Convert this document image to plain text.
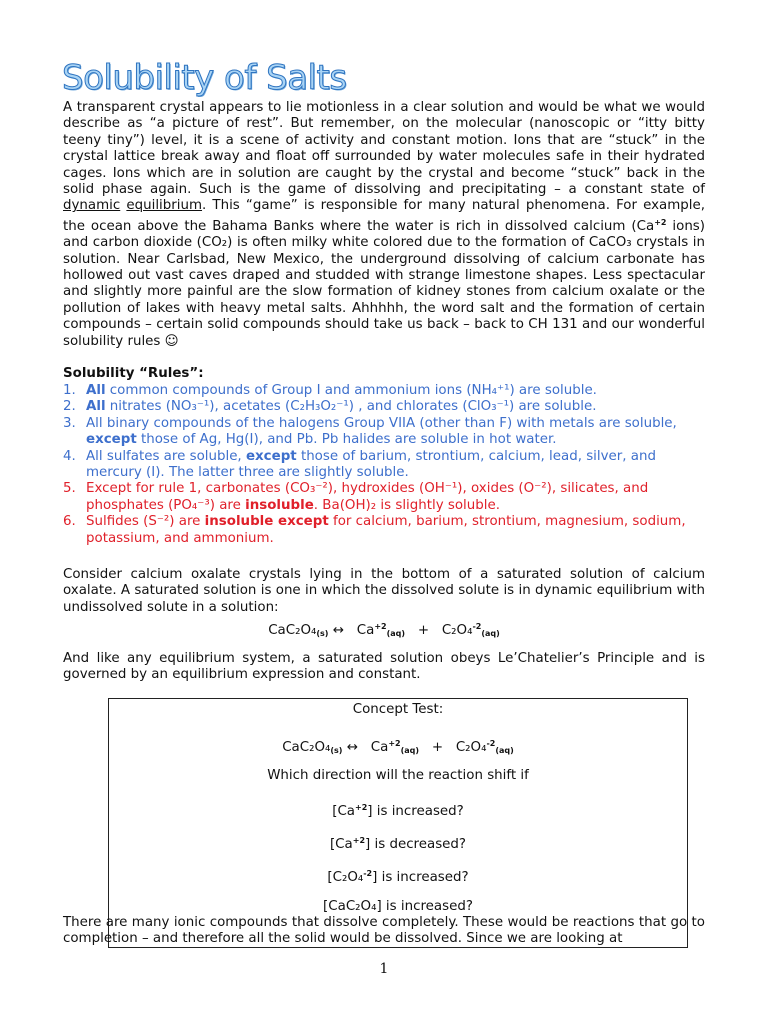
Solubility of Salts
A transparent crystal appears to lie motionless in a clear solution and would be what we would describe as “a picture of rest”. But remember, on the molecular (nanoscopic or “itty bitty teeny tiny”) level, it is a scene of activity and constant motion. Ions that are “stuck” in the crystal lattice break away and float off surrounded by water molecules safe in their hydrated cages. Ions which are in solution are caught by the crystal and become “stuck” back in the solid phase again. Such is the game of dissolving and precipitating – a constant state of dynamic equilibrium. This “game” is responsible for many natural phenomena. For example, the ocean above the Bahama Banks where the water is rich in dissolved calcium ($Ca^{+2}$ ions) and carbon dioxide (CO₂) is often milky white colored due to the formation of CaCO₃ crystals in solution. Near Carlsbad, New Mexico, the underground dissolving of calcium carbonate has hollowed out vast caves draped and studded with strange limestone shapes. Less spectacular and slightly more painful are the slow formation of kidney stones from calcium oxalate or the pollution of lakes with heavy metal salts. Ahhhhh, the word salt and the formation of certain compounds – certain solid compounds should take us back – back to CH 131 and our wonderful solubility rules ☺
Solubility “Rules”:
1. All common compounds of Group I and ammonium ions (NH₄⁺¹) are soluble.
2. All nitrates (NO₃⁻¹), acetates (C₂H₃O₂⁻¹) , and chlorates (ClO₃⁻¹) are soluble.
3. All binary compounds of the halogens Group VIIA (other than F) with metals are soluble, except those of Ag, Hg(I), and Pb. Pb halides are soluble in hot water.
4. All sulfates are soluble, except those of barium, strontium, calcium, lead, silver, and mercury (I). The latter three are slightly soluble.
5. Except for rule 1, carbonates (CO₃⁻²), hydroxides (OH⁻¹), oxides (O⁻²), silicates, and phosphates (PO₄⁻³) are insoluble. Ba(OH)₂ is slightly soluble.
6. Sulfides (S⁻²) are insoluble except for calcium, barium, strontium, magnesium, sodium, potassium, and ammonium.
Consider calcium oxalate crystals lying in the bottom of a saturated solution of calcium oxalate. A saturated solution is one in which the dissolved solute is in dynamic equilibrium with undissolved solute in a solution:
$CaC_2O_4_{(s)}$ ↔ $Ca^{+2}_{(aq)} + C_2O_4^{-2}_{(aq)}$
And like any equilibrium system, a saturated solution obeys Le’Chatelier’s Principle and is governed by an equilibrium expression and constant.
Concept Test:
$CaC_2O_4_{(s)}$ ↔ $Ca^{+2}_{(aq)} + C_2O_4^{-2}_{(aq)}$
Which direction will the reaction shift if
$[Ca^{+2}]$ is increased?
$[Ca^{+2}]$ is decreased?
[C₂O₄$^{-2}$] is increased?
[CaC₂O₄] is increased?
There are many ionic compounds that dissolve completely. These would be reactions that go to completion – and therefore all the solid would be dissolved. Since we are looking at
1
